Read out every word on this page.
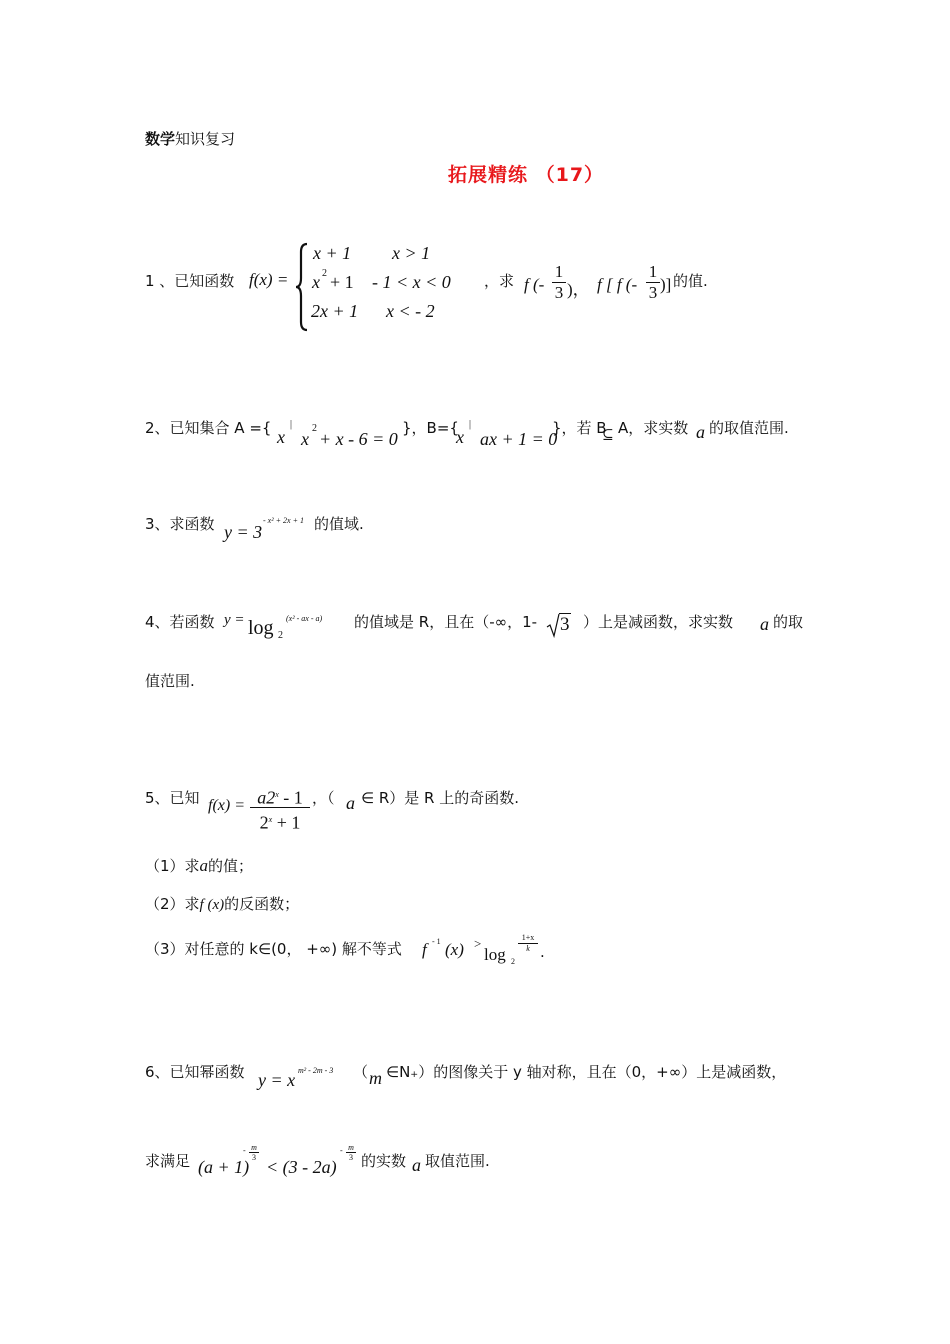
数学知识复习
拓展精练 （17）
1 、已知函数 f(x) =
x + 1 x > 1
x 2 + 1 - 1 < x < 0
2x + 1 x < - 2
，求 f (-
1
3 )， f [ f (-
1
3 )] 的值.
2、已知集合 A ={ x
|
x
2
+ x - 6 = 0
}，B={
x
|
ax + 1 = 0
}，若 B
⊆ A，求实数 a 的取值范围.
3、求函数 y = 3
- x² + 2x + 1 的值域.
4、若函数 y = log 2
(x² - ax - a) 的值域是 R，且在（-∞，1- 3 ）上是减函数，求实数 a 的取
值范围.
5、已知 $f(x) = a2^x - 1$
$2^x + 1$
，（ a ∈ R）是 R 上的奇函数.
（1）求a的值；
（2）求f (x)的反函数；
（3）对任意的 k∈(0， +∞) 解不等式 f - 1 (x) >
log 2
1+x
k .
6、已知幂函数 y = x m² - 2m - 3 （ m ∈N₊）的图像关于 y 轴对称，且在（0，+∞）上是减函数，
求满足 (a + 1)
- m
3 < (3 - 2a)
- m
3 的实数 a 取值范围.
